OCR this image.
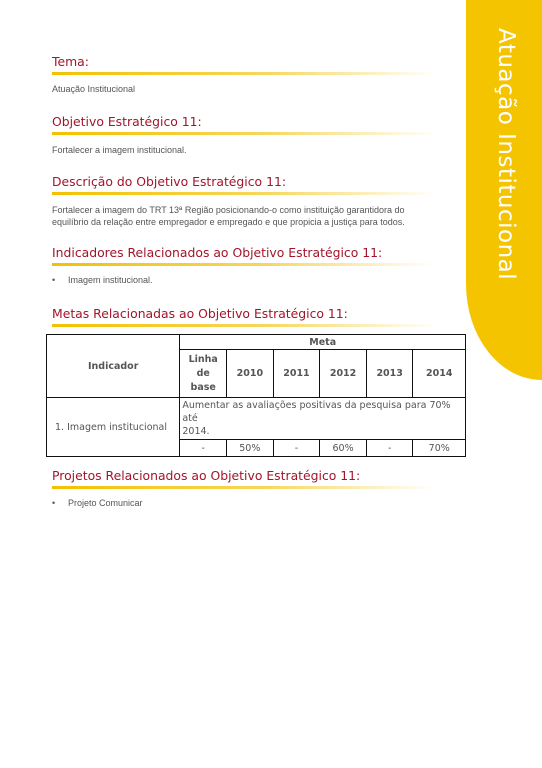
Atuação Institucional
Tema:
Atuação Institucional
Objetivo Estratégico 11:
Fortalecer a imagem institucional.
Descrição do Objetivo Estratégico 11:
Fortalecer a imagem do TRT 13ª Região posicionando-o como instituição garantidora do
equilíbrio da relação entre empregador e empregado e que propicia a justiça para todos.
Indicadores Relacionados ao Objetivo Estratégico 11:
•	Imagem institucional.
Metas Relacionadas ao Objetivo Estratégico 11:
Indicador	Meta					

	Linha
de
base	2010	2011	2012	2013	2014
1. Imagem institucional	Aumentar as avaliações positivas da pesquisa para 70% até
2014.					

	-	50%	-	60%	-	70%
Projetos Relacionados ao Objetivo Estratégico 11:
•	Projeto Comunicar
